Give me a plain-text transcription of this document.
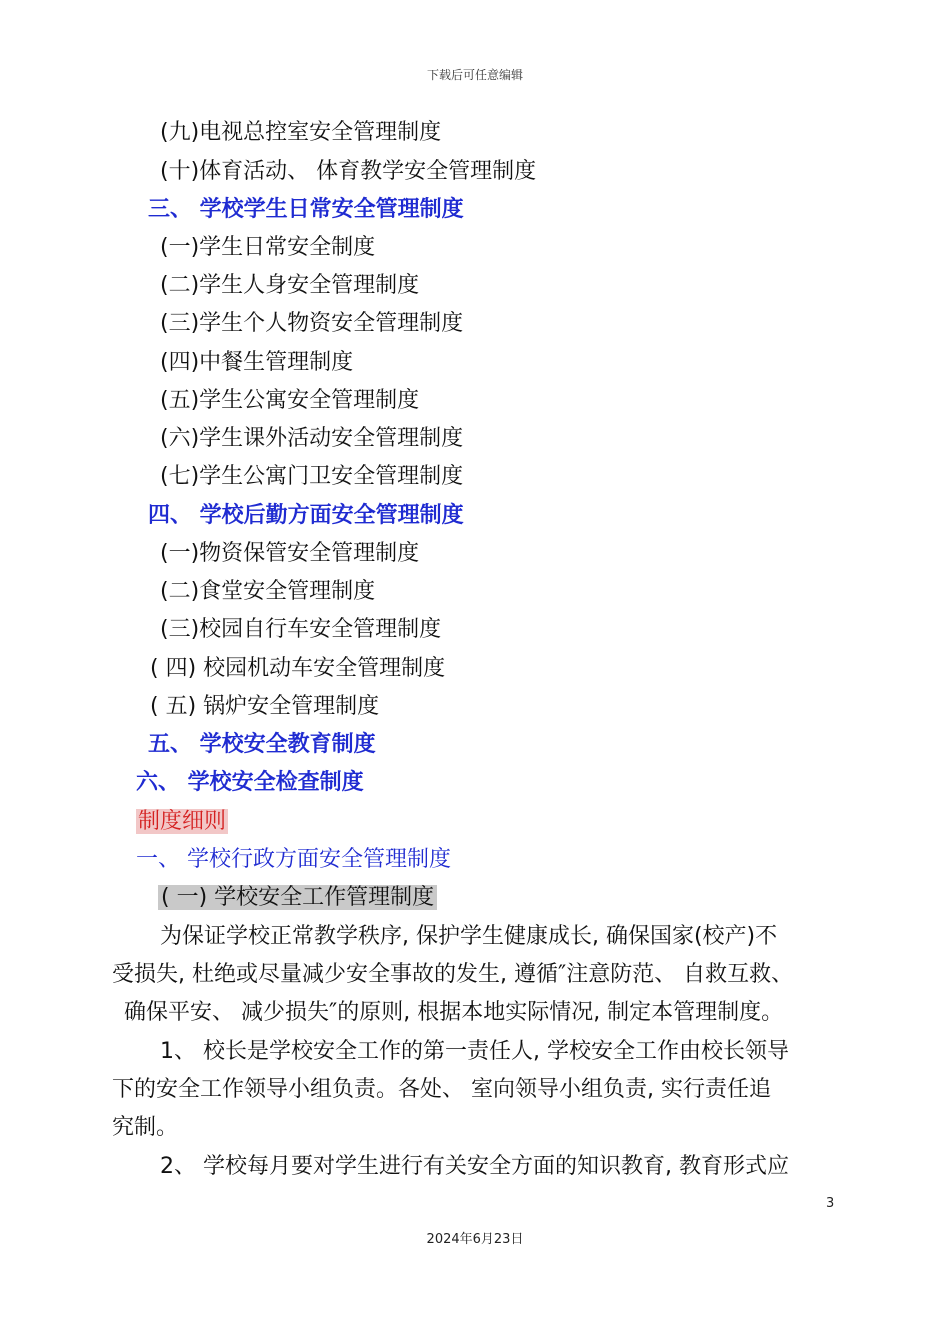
下载后可任意编辑
(九)电视总控室安全管理制度
(十)体育活动、 体育教学安全管理制度
三、 学校学生日常安全管理制度
(一)学生日常安全制度
(二)学生人身安全管理制度
(三)学生个人物资安全管理制度
(四)中餐生管理制度
(五)学生公寓安全管理制度
(六)学生课外活动安全管理制度
(七)学生公寓门卫安全管理制度
四、 学校后勤方面安全管理制度
(一)物资保管安全管理制度
(二)食堂安全管理制度
(三)校园自行车安全管理制度
( 四) 校园机动车安全管理制度
( 五) 锅炉安全管理制度
五、 学校安全教育制度
六、 学校安全检查制度
制度细则
一、 学校行政方面安全管理制度
( 一) 学校安全工作管理制度
为保证学校正常教学秩序, 保护学生健康成长, 确保国家(校产)不
受损失, 杜绝或尽量减少安全事故的发生, 遵循″注意防范、 自救互救、
确保平安、 减少损失″的原则, 根据本地实际情况, 制定本管理制度。
1、 校长是学校安全工作的第一责任人, 学校安全工作由校长领导
下的安全工作领导小组负责。各处、 室向领导小组负责, 实行责任追
究制。
2、 学校每月要对学生进行有关安全方面的知识教育, 教育形式应
3
2024年6月23日
